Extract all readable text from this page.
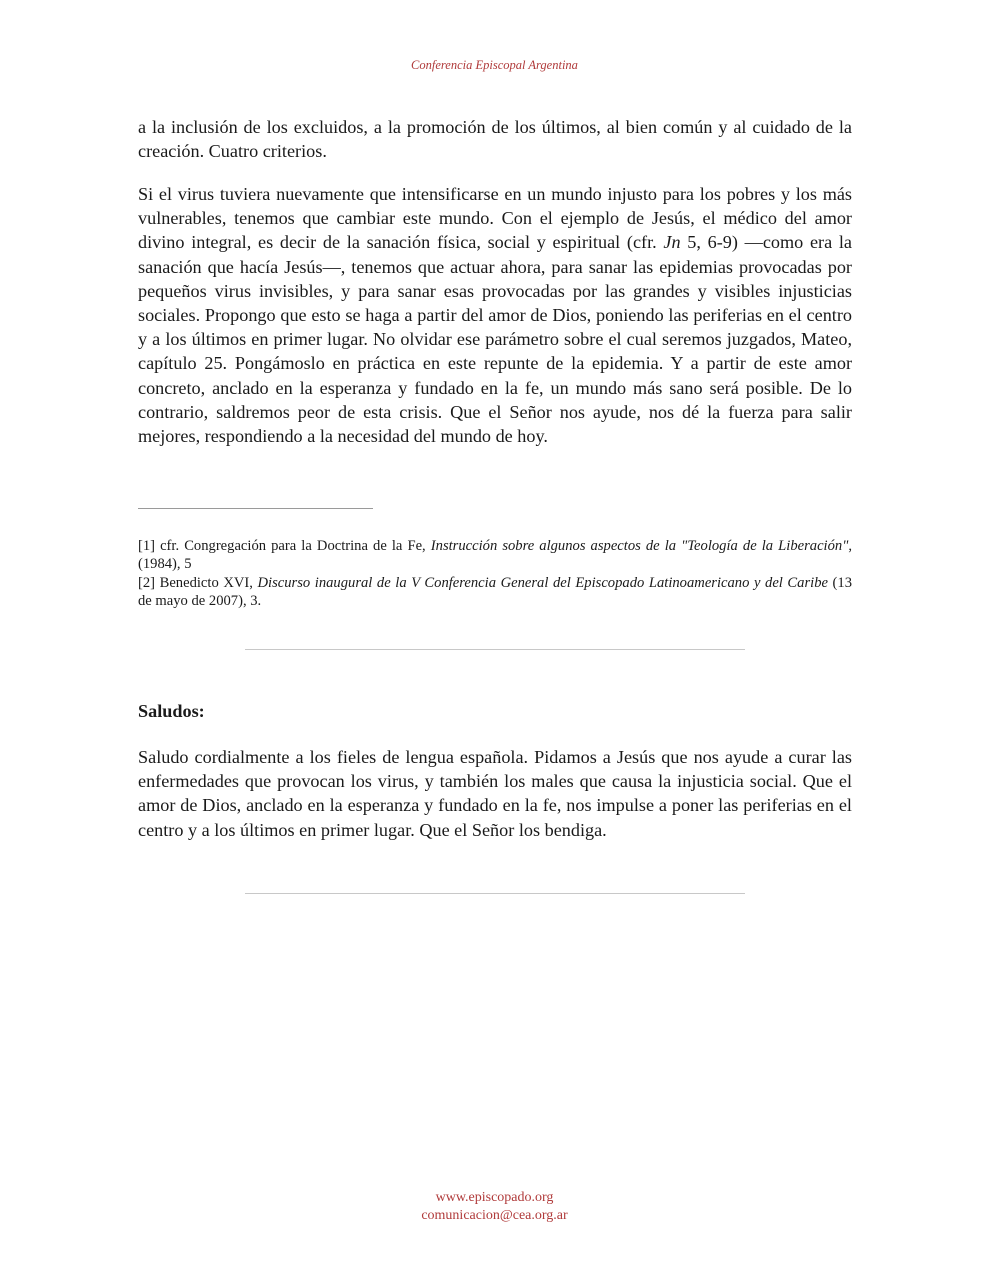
Conferencia Episcopal Argentina

a la inclusión de los excluidos, a la promoción de los últimos, al bien común y al cuidado de la creación. Cuatro criterios.

Si el virus tuviera nuevamente que intensificarse en un mundo injusto para los pobres y los más vulnerables, tenemos que cambiar este mundo. Con el ejemplo de Jesús, el médico del amor divino integral, es decir de la sanación física, social y espiritual (cfr. Jn 5, 6-9) —como era la sanación que hacía Jesús—, tenemos que actuar ahora, para sanar las epidemias provocadas por pequeños virus invisibles, y para sanar esas provocadas por las grandes y visibles injusticias sociales. Propongo que esto se haga a partir del amor de Dios, poniendo las periferias en el centro y a los últimos en primer lugar. No olvidar ese parámetro sobre el cual seremos juzgados, Mateo, capítulo 25. Pongámoslo en práctica en este repunte de la epidemia. Y a partir de este amor concreto, anclado en la esperanza y fundado en la fe, un mundo más sano será posible. De lo contrario, saldremos peor de esta crisis. Que el Señor nos ayude, nos dé la fuerza para salir mejores, respondiendo a la necesidad del mundo de hoy.

[1] cfr. Congregación para la Doctrina de la Fe, Instrucción sobre algunos aspectos de la "Teología de la Liberación", (1984), 5

[2] Benedicto XVI, Discurso inaugural de la V Conferencia General del Episcopado Latinoamericano y del Caribe (13 de mayo de 2007), 3.

Saludos:

Saludo cordialmente a los fieles de lengua española. Pidamos a Jesús que nos ayude a curar las enfermedades que provocan los virus, y también los males que causa la injusticia social. Que el amor de Dios, anclado en la esperanza y fundado en la fe, nos impulse a poner las periferias en el centro y a los últimos en primer lugar. Que el Señor los bendiga.

www.episcopado.org
comunicacion@cea.org.ar
